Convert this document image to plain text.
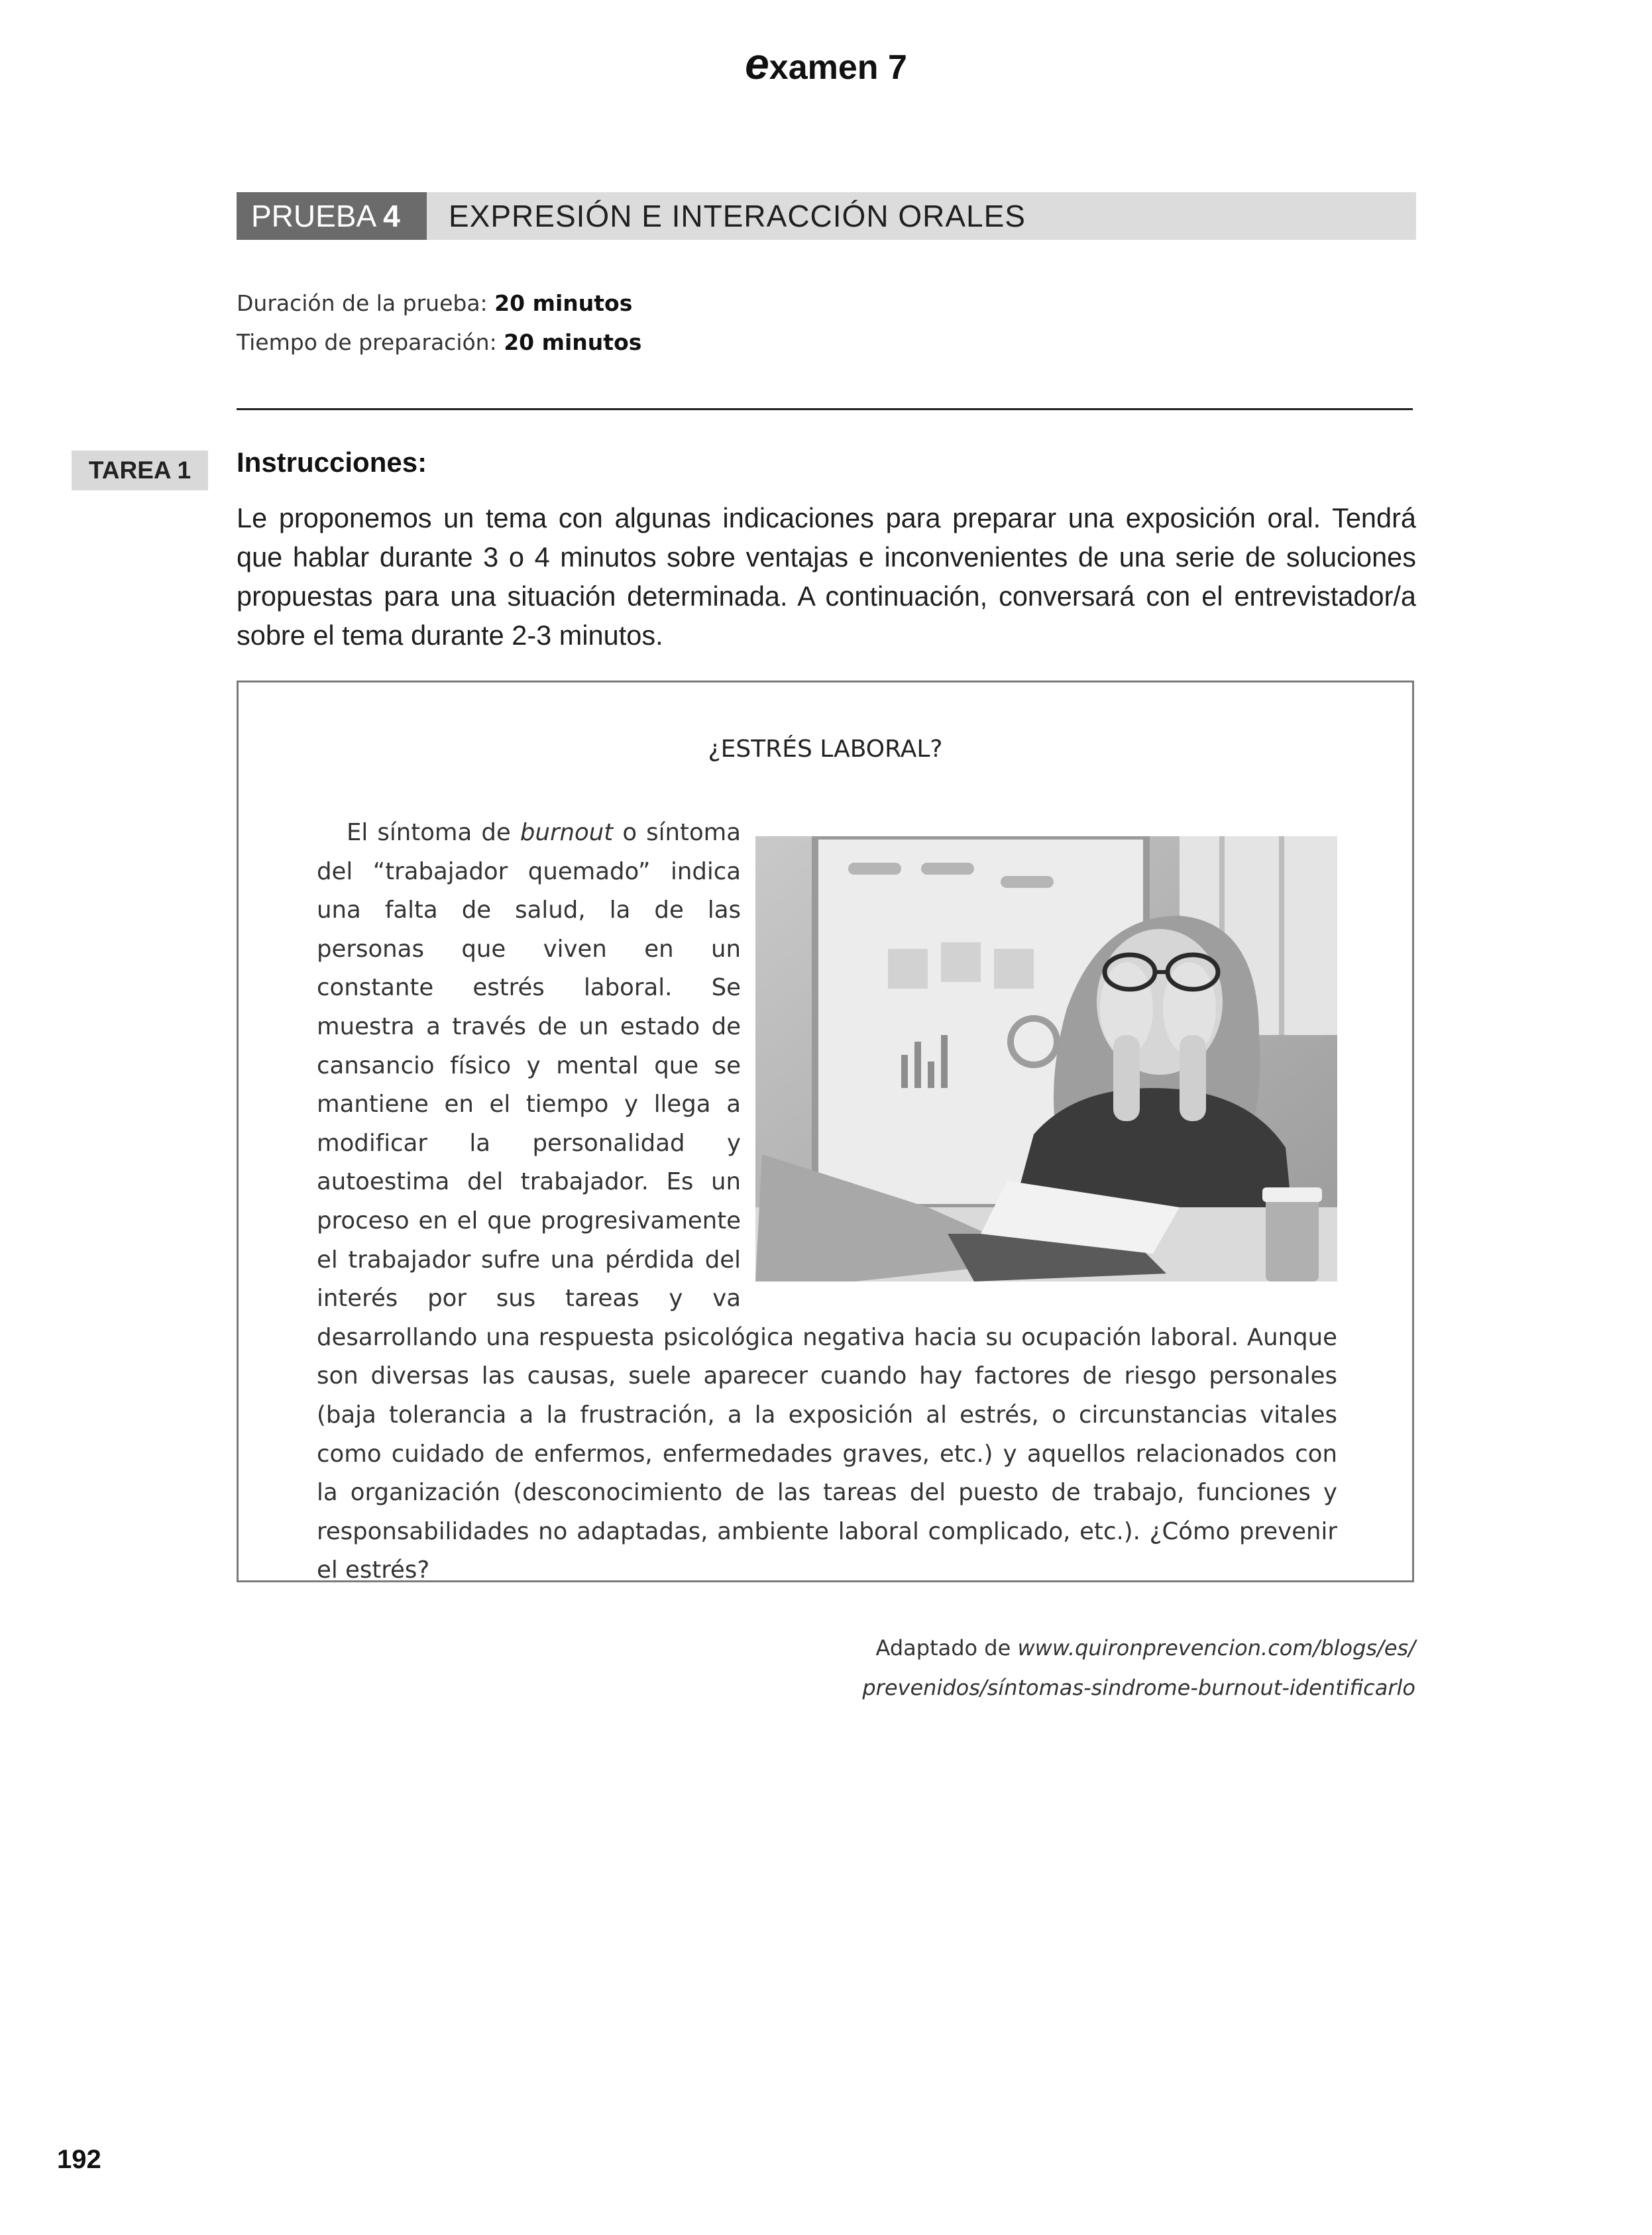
examen 7
PRUEBA 4	EXPRESIÓN E INTERACCIÓN ORALES
Duración de la prueba: 20 minutos
Tiempo de preparación: 20 minutos
TAREA 1	Instrucciones:

Le proponemos un tema con algunas indicaciones para preparar una exposición oral. Tendrá que hablar durante 3 o 4 minutos sobre ventajas e inconvenientes de una serie de soluciones propuestas para una situación determinada. A continuación, conversará con el entrevistador/a sobre el tema durante 2-3 minutos.

¿ESTRÉS LABORAL?

El síntoma de burnout o síntoma del “trabajador quemado” indica una falta de salud, la de las personas que viven en un constante estrés laboral. Se muestra a través de un estado de cansancio físico y mental que se mantiene en el tiempo y llega a modificar la personalidad y autoestima del trabajador. Es un proceso en el que progresivamente el trabajador sufre una pérdida del interés por sus tareas y va desarrollando una respuesta psicológica negativa hacia su ocupación laboral. Aunque son diversas las causas, suele aparecer cuando hay factores de riesgo personales (baja tolerancia a la frustración, a la exposición al estrés, o circunstancias vitales como cuidado de enfermos, enfermedades graves, etc.) y aquellos relacionados con la organización (desconocimiento de las tareas del puesto de trabajo, funciones y responsabilidades no adaptadas, ambiente laboral complicado, etc.). ¿Cómo prevenir el estrés?

Adaptado de www.quironprevencion.com/blogs/es/
prevenidos/síntomas-sindrome-burnout-identificarlo
192
